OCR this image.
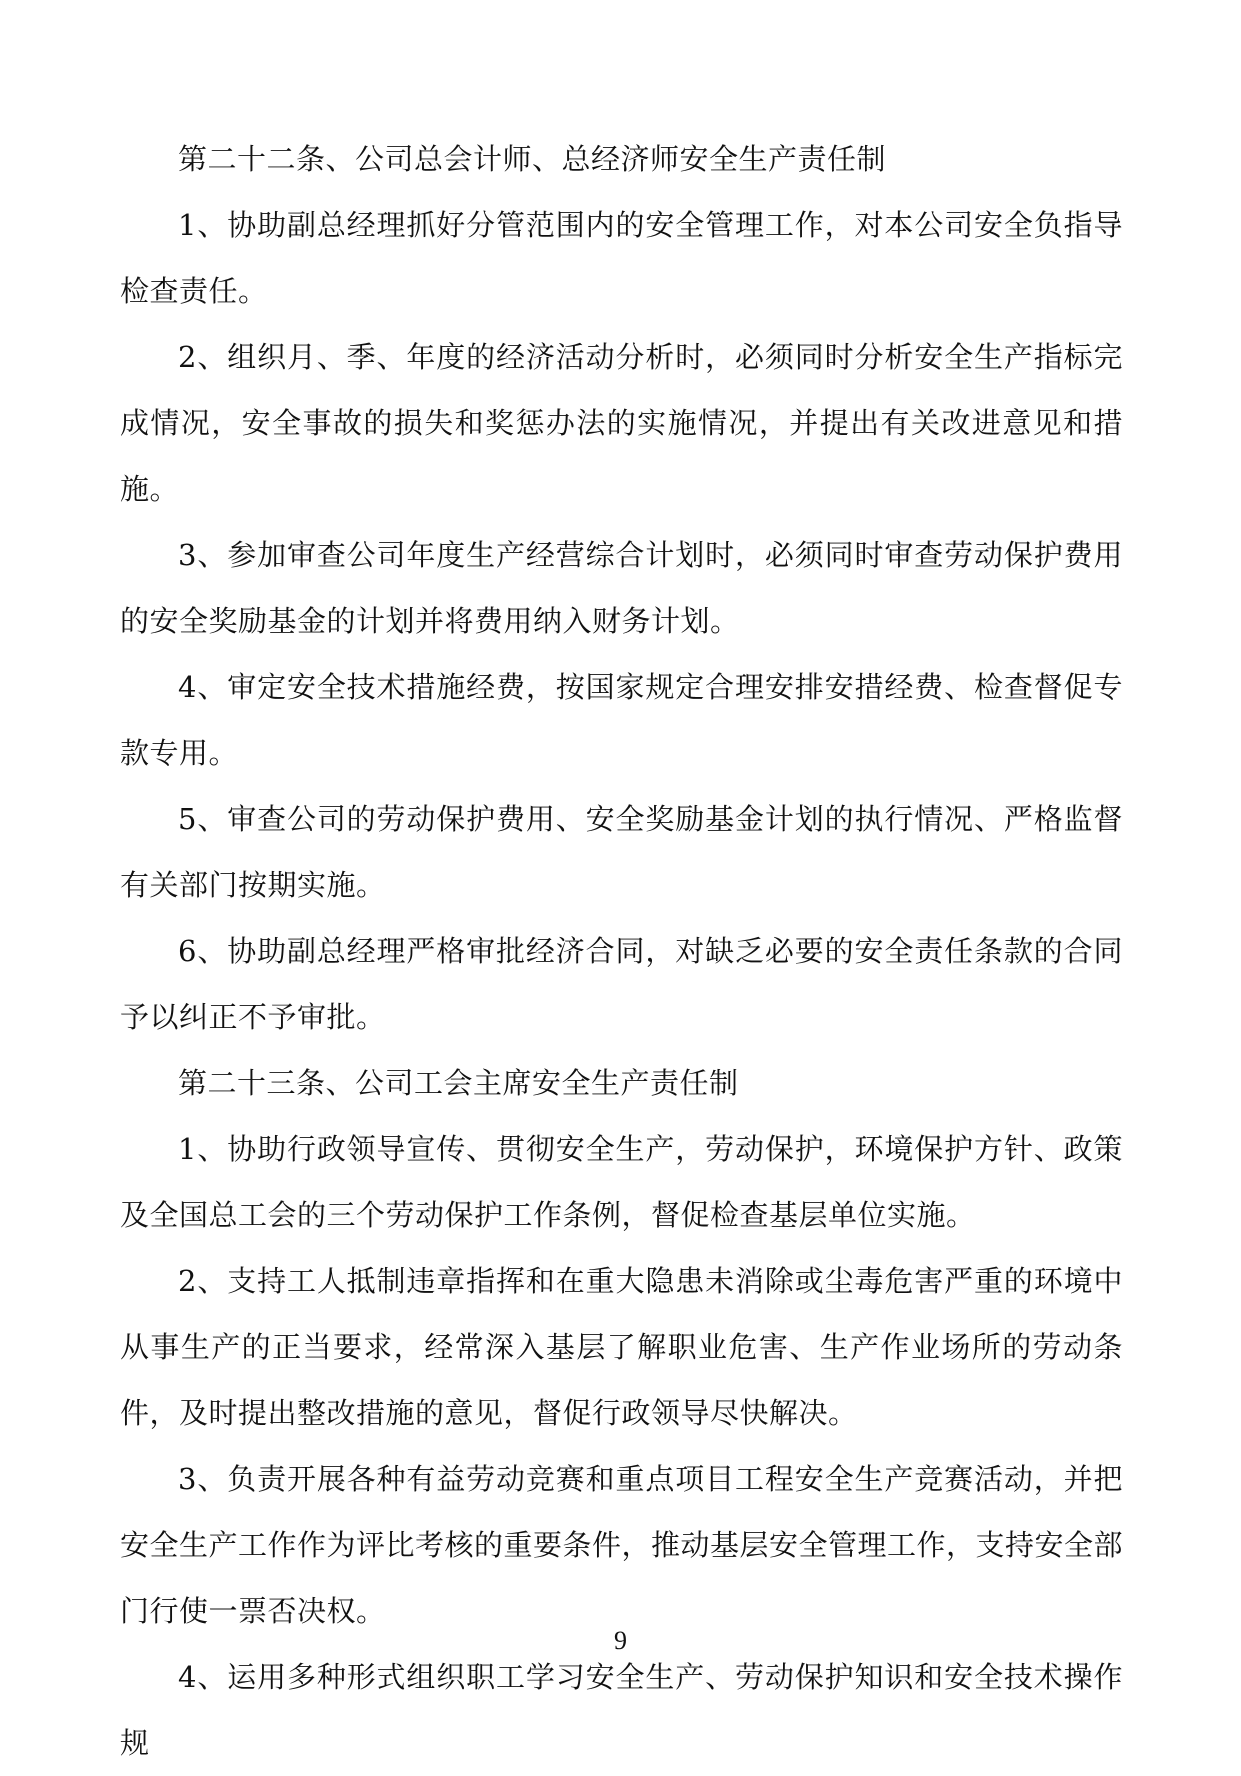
第二十二条、公司总会计师、总经济师安全生产责任制

1、协助副总经理抓好分管范围内的安全管理工作，对本公司安全负指导检查责任。

2、组织月、季、年度的经济活动分析时，必须同时分析安全生产指标完成情况，安全事故的损失和奖惩办法的实施情况，并提出有关改进意见和措施。

3、参加审查公司年度生产经营综合计划时，必须同时审查劳动保护费用的安全奖励基金的计划并将费用纳入财务计划。

4、审定安全技术措施经费，按国家规定合理安排安措经费、检查督促专款专用。

5、审查公司的劳动保护费用、安全奖励基金计划的执行情况、严格监督有关部门按期实施。

6、协助副总经理严格审批经济合同，对缺乏必要的安全责任条款的合同予以纠正不予审批。

第二十三条、公司工会主席安全生产责任制

1、协助行政领导宣传、贯彻安全生产，劳动保护，环境保护方针、政策及全国总工会的三个劳动保护工作条例，督促检查基层单位实施。

2、支持工人抵制违章指挥和在重大隐患未消除或尘毒危害严重的环境中从事生产的正当要求，经常深入基层了解职业危害、生产作业场所的劳动条件，及时提出整改措施的意见，督促行政领导尽快解决。

3、负责开展各种有益劳动竞赛和重点项目工程安全生产竞赛活动，并把安全生产工作作为评比考核的重要条件，推动基层安全管理工作，支持安全部门行使一票否决权。

4、运用多种形式组织职工学习安全生产、劳动保护知识和安全技术操作规

9
